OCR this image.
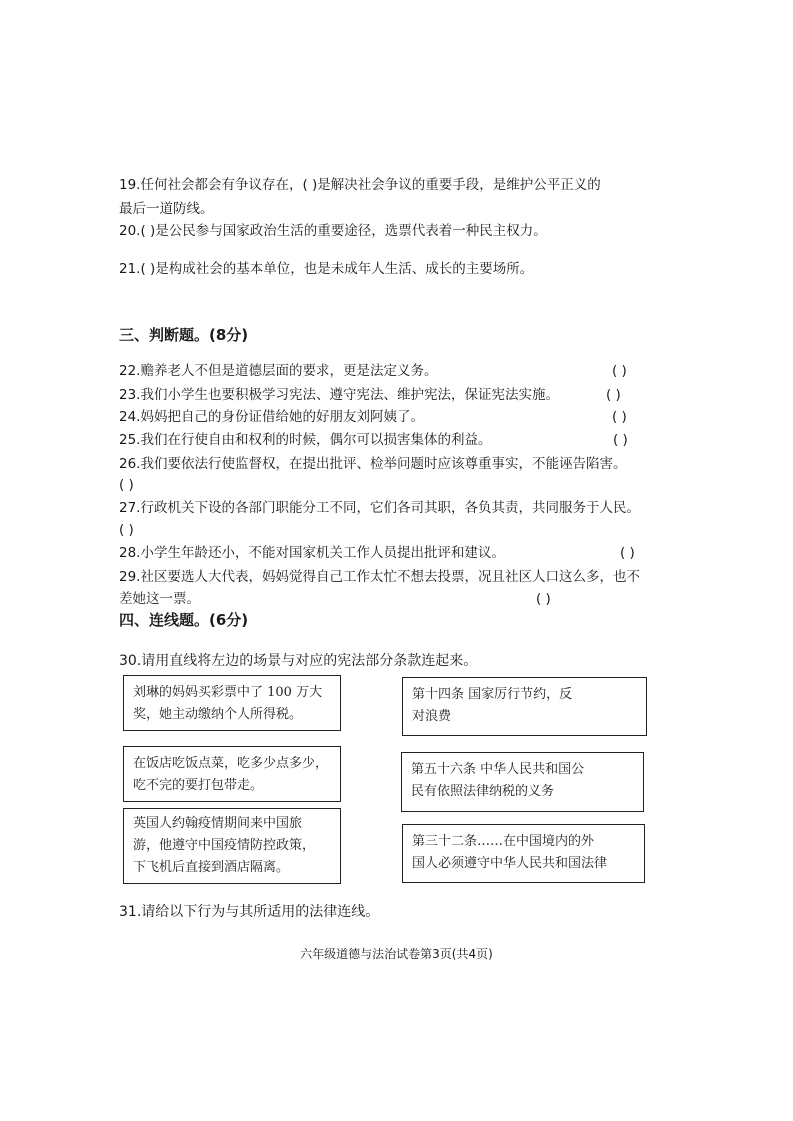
19.任何社会都会有争议存在，( )是解决社会争议的重要手段，是维护公平正义的
最后一道防线。
20.( )是公民参与国家政治生活的重要途径，选票代表着一种民主权力。
21.( )是构成社会的基本单位，也是未成年人生活、成长的主要场所。
三、判断题。(8分)
22.赡养老人不但是道德层面的要求，更是法定义务。	( )
23.我们小学生也要积极学习宪法、遵守宪法、维护宪法，保证宪法实施。	( )
24.妈妈把自己的身份证借给她的好朋友刘阿姨了。	( )
25.我们在行使自由和权利的时候，偶尔可以损害集体的利益。	( )
26.我们要依法行使监督权，在提出批评、检举问题时应该尊重事实，不能诬告陷害。
( )
27.行政机关下设的各部门职能分工不同，它们各司其职，各负其责，共同服务于人民。
( )
28.小学生年龄还小，不能对国家机关工作人员提出批评和建议。	( )
29.社区要选人大代表，妈妈觉得自己工作太忙不想去投票，况且社区人口这么多，也不
差她这一票。	( )
四、连线题。(6分)
30.请用直线将左边的场景与对应的宪法部分条款连起来。
刘琳的妈妈买彩票中了 100 万大
奖，她主动缴纳个人所得税。
在饭店吃饭点菜，吃多少点多少，
吃不完的要打包带走。
英国人约翰疫情期间来中国旅
游，他遵守中国疫情防控政策，
下飞机后直接到酒店隔离。
第十四条 国家厉行节约，反
对浪费
第五十六条 中华人民共和国公
民有依照法律纳税的义务
第三十二条……在中国境内的外
国人必须遵守中华人民共和国法律
31.请给以下行为与其所适用的法律连线。
六年级道德与法治试卷第3页(共4页)
